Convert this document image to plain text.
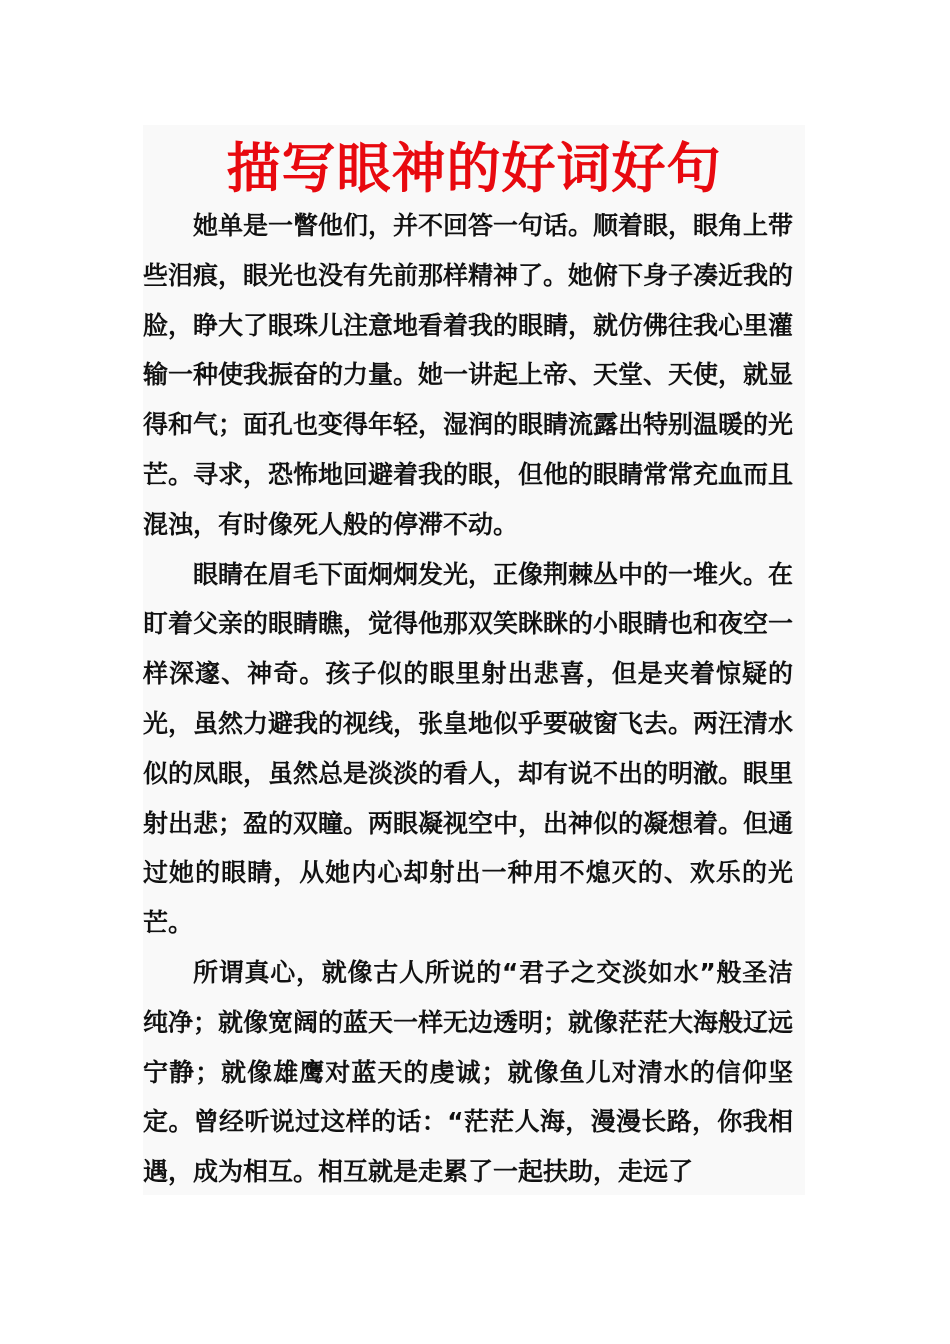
描写眼神的好词好句

她单是一瞥他们，并不回答一句话。顺着眼，眼角上带些泪痕，眼光也没有先前那样精神了。她俯下身子凑近我的脸，睁大了眼珠儿注意地看着我的眼睛，就仿佛往我心里灌输一种使我振奋的力量。她一讲起上帝、天堂、天使，就显得和气；面孔也变得年轻，湿润的眼睛流露出特别温暖的光芒。寻求，恐怖地回避着我的眼，但他的眼睛常常充血而且混浊，有时像死人般的停滞不动。

眼睛在眉毛下面炯炯发光，正像荆棘丛中的一堆火。在盯着父亲的眼睛瞧，觉得他那双笑眯眯的小眼睛也和夜空一样深邃、神奇。孩子似的眼里射出悲喜，但是夹着惊疑的光，虽然力避我的视线，张皇地似乎要破窗飞去。两汪清水似的凤眼，虽然总是淡淡的看人，却有说不出的明澈。眼里射出悲；盈的双瞳。两眼凝视空中，出神似的凝想着。但通过她的眼睛，从她内心却射出一种用不熄灭的、欢乐的光芒。

所谓真心，就像古人所说的“君子之交淡如水”般圣洁纯净；就像宽阔的蓝天一样无边透明；就像茫茫大海般辽远宁静；就像雄鹰对蓝天的虔诚；就像鱼儿对清水的信仰坚定。曾经听说过这样的话：“茫茫人海，漫漫长路，你我相遇，成为相互。相互就是走累了一起扶助，走远了
